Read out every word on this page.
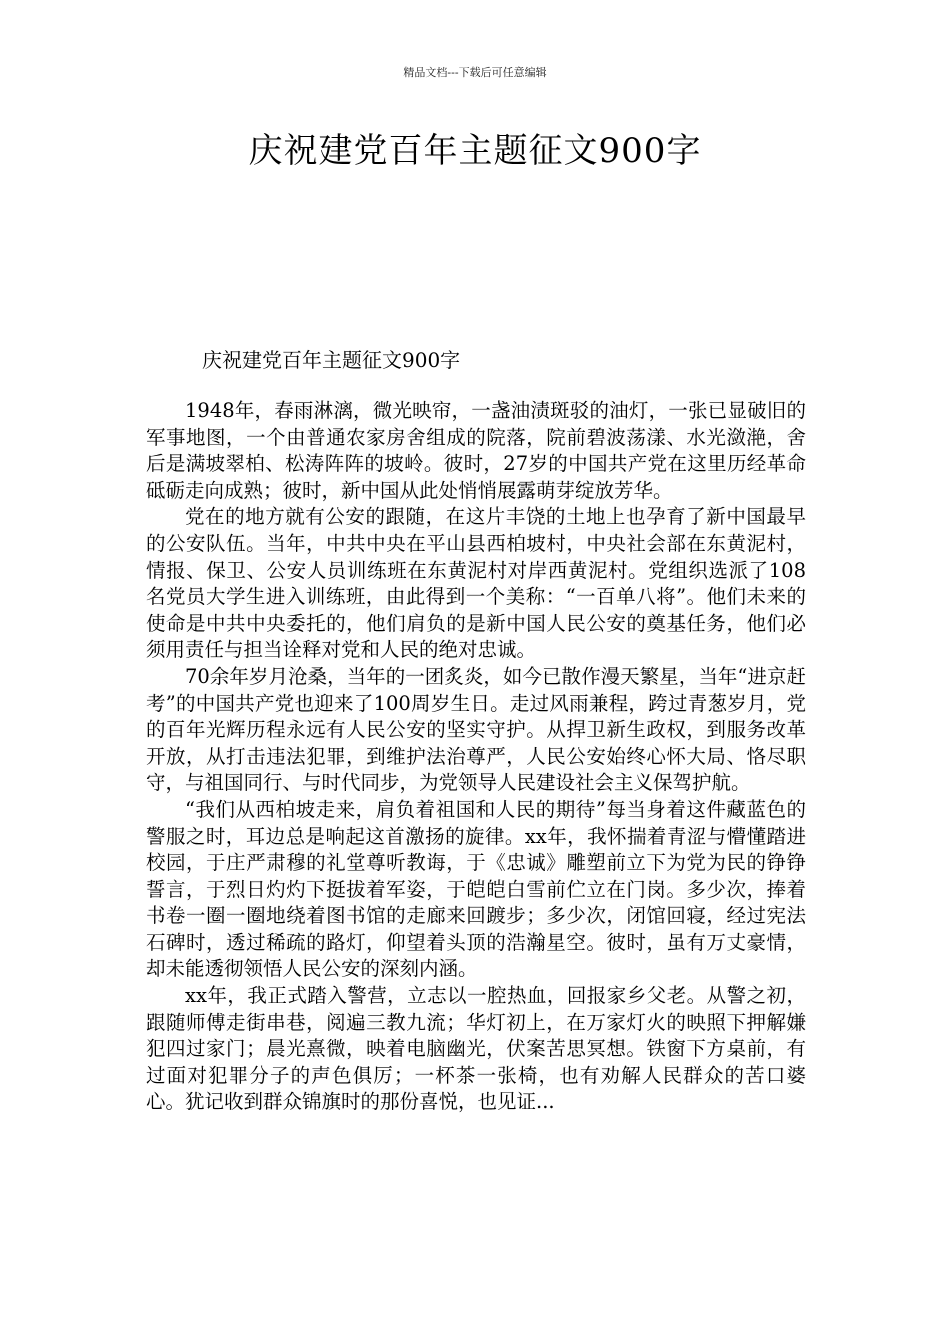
精品文档---下载后可任意编辑
庆祝建党百年主题征文900字

庆祝建党百年主题征文900字

1948年，春雨淋漓，微光映帘，一盏油渍斑驳的油灯，一张已显破旧的军事地图，一个由普通农家房舍组成的院落，院前碧波荡漾、水光潋滟，舍后是满坡翠柏、松涛阵阵的坡岭。彼时，27岁的中国共产党在这里历经革命砥砺走向成熟；彼时，新中国从此处悄悄展露萌芽绽放芳华。

党在的地方就有公安的跟随，在这片丰饶的土地上也孕育了新中国最早的公安队伍。当年，中共中央在平山县西柏坡村，中央社会部在东黄泥村，情报、保卫、公安人员训练班在东黄泥村对岸西黄泥村。党组织选派了108名党员大学生进入训练班，由此得到一个美称：“一百单八将”。他们未来的使命是中共中央委托的，他们肩负的是新中国人民公安的奠基任务，他们必须用责任与担当诠释对党和人民的绝对忠诚。

70余年岁月沧桑，当年的一团炙炎，如今已散作漫天繁星，当年“进京赶考”的中国共产党也迎来了100周岁生日。走过风雨兼程，跨过青葱岁月，党的百年光辉历程永远有人民公安的坚实守护。从捍卫新生政权，到服务改革开放，从打击违法犯罪，到维护法治尊严，人民公安始终心怀大局、恪尽职守，与祖国同行、与时代同步，为党领导人民建设社会主义保驾护航。

“我们从西柏坡走来，肩负着祖国和人民的期待”每当身着这件藏蓝色的警服之时，耳边总是响起这首激扬的旋律。xx年，我怀揣着青涩与懵懂踏进校园，于庄严肃穆的礼堂尊听教诲，于《忠诚》雕塑前立下为党为民的铮铮誓言，于烈日灼灼下挺拔着军姿，于皑皑白雪前伫立在门岗。多少次，捧着书卷一圈一圈地绕着图书馆的走廊来回踱步；多少次，闭馆回寝，经过宪法石碑时，透过稀疏的路灯，仰望着头顶的浩瀚星空。彼时，虽有万丈豪情，却未能透彻领悟人民公安的深刻内涵。

xx年，我正式踏入警营，立志以一腔热血，回报家乡父老。从警之初，跟随师傅走街串巷，阅遍三教九流；华灯初上，在万家灯火的映照下押解嫌犯四过家门；晨光熹微，映着电脑幽光，伏案苦思冥想。铁窗下方桌前，有过面对犯罪分子的声色俱厉；一杯茶一张椅，也有劝解人民群众的苦口婆心。犹记收到群众锦旗时的那份喜悦，也见证...
